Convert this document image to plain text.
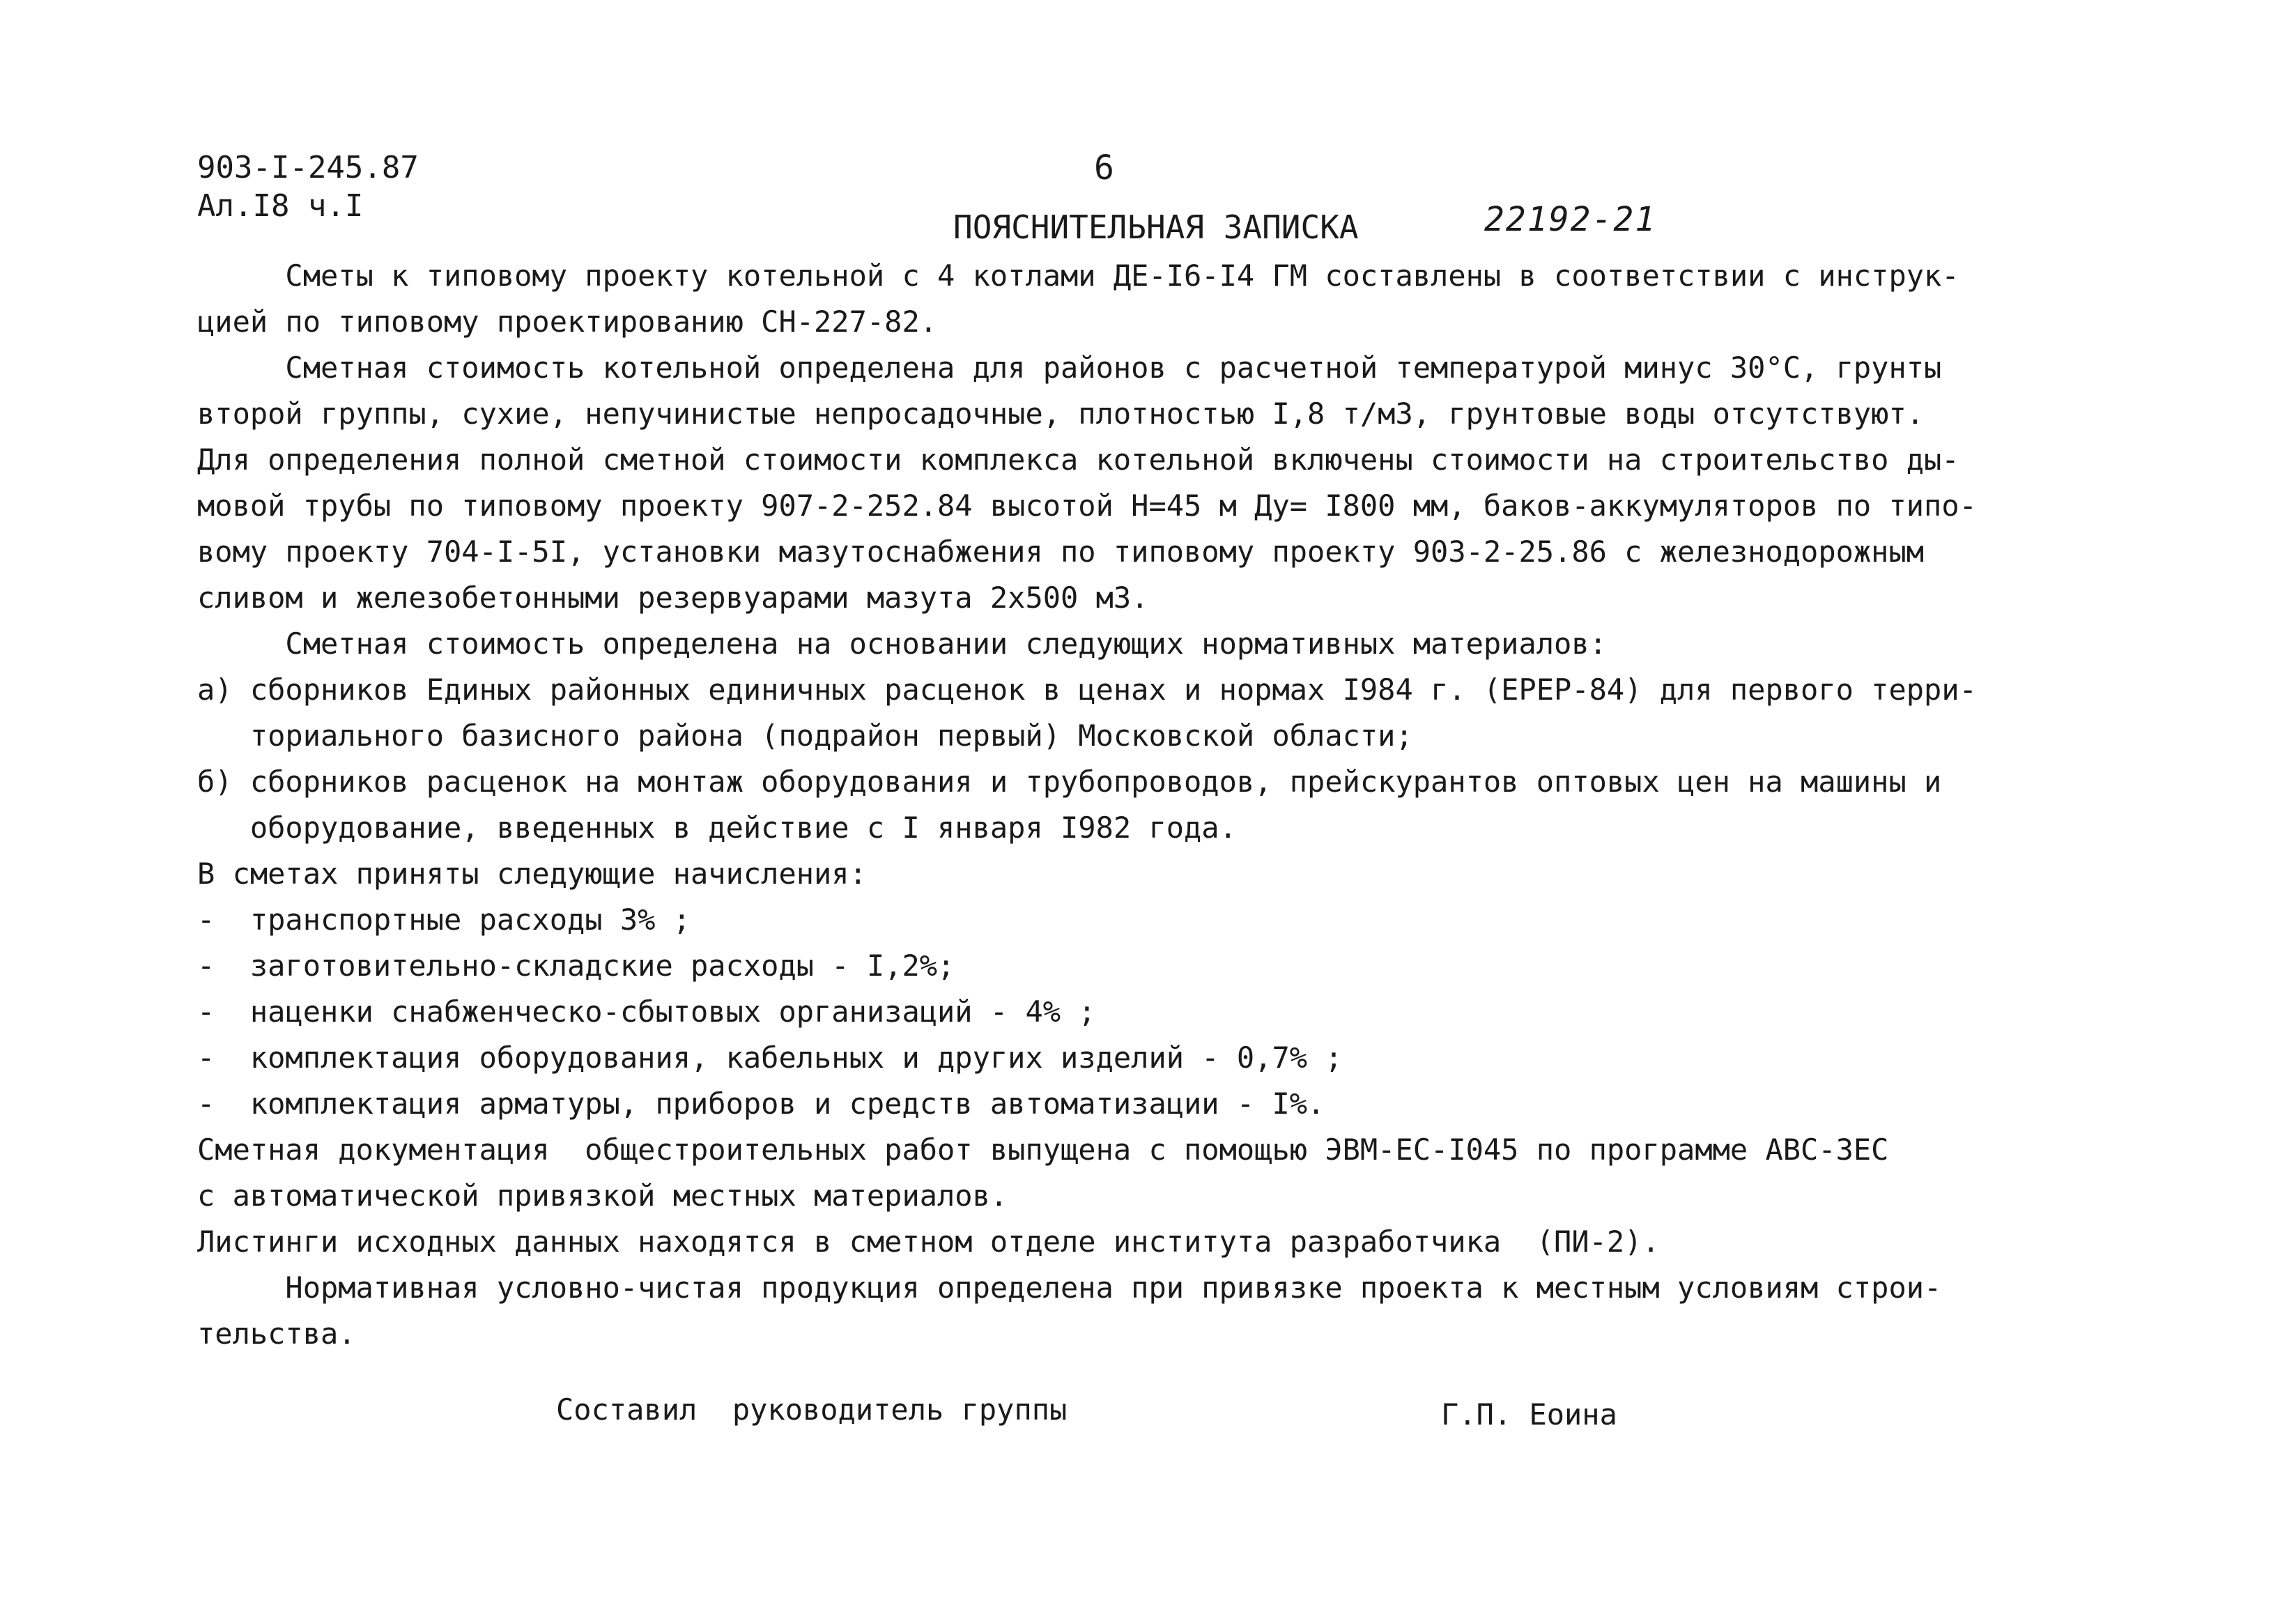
903-I-245.87
Ал.I8 ч.I
6
ПОЯСНИТЕЛЬНАЯ ЗАПИСКА	22192-21
Сметы к типовому проекту котельной с 4 котлами ДЕ-I6-I4 ГМ составлены в соответствии с инструк-
цией по типовому проектированию СН-227-82.
Сметная стоимость котельной определена для районов с расчетной температурой минус 30°С, грунты
второй группы, сухие, непучинистые непросадочные, плотностью I,8 т/м3, грунтовые воды отсутствуют.
Для определения полной сметной стоимости комплекса котельной включены стоимости на строительство ды-
мовой трубы по типовому проекту 907-2-252.84 высотой Н=45 м Ду= I800 мм, баков-аккумуляторов по типо-
вому проекту 704-I-5I, установки мазутоснабжения по типовому проекту 903-2-25.86 с железнодорожным
сливом и железобетонными резервуарами мазута 2х500 м3.
Сметная стоимость определена на основании следующих нормативных материалов:
а) сборников Единых районных единичных расценок в ценах и нормах I984 г. (ЕРЕР-84) для первого терри-
ториального базисного района (подрайон первый) Московской области;
б) сборников расценок на монтаж оборудования и трубопроводов, прейскурантов оптовых цен на машины и
оборудование, введенных в действие с I января I982 года.
В сметах приняты следующие начисления:
-  транспортные расходы 3% ;
-  заготовительно-складские расходы - I,2%;
-  наценки снабженческо-сбытовых организаций - 4% ;
-  комплектация оборудования, кабельных и других изделий - 0,7% ;
-  комплектация арматуры, приборов и средств автоматизации - I%.
Сметная документация  общестроительных работ выпущена с помощью ЭВМ-ЕС-I045 по программе АВС-ЗЕС
с автоматической привязкой местных материалов.
Листинги исходных данных находятся в сметном отделе института разработчика  (ПИ-2).
Нормативная условно-чистая продукция определена при привязке проекта к местным условиям строи-
тельства.
Составил  руководитель группы	Г.П. Еоина
